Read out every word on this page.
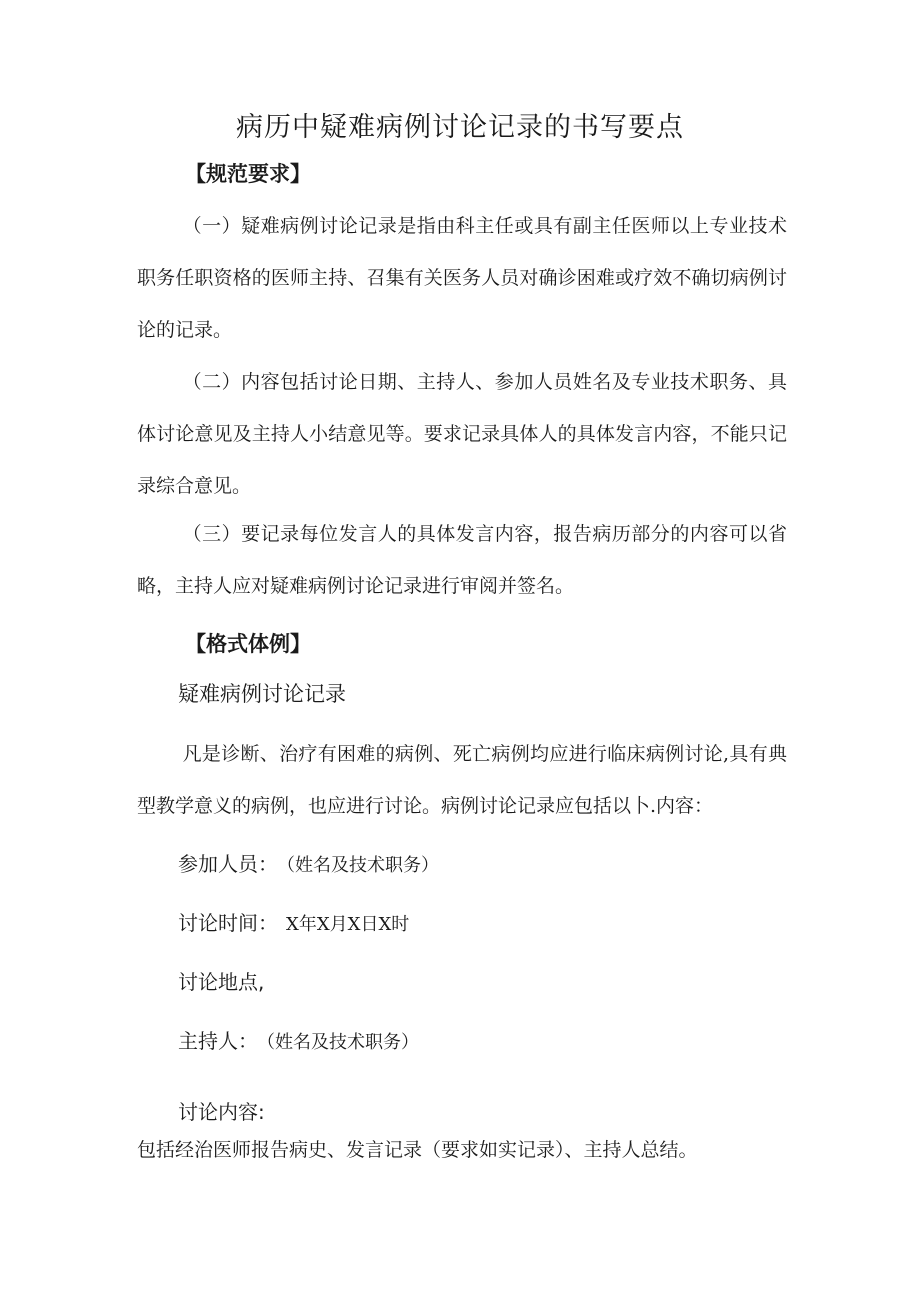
病历中疑难病例讨论记录的书写要点
【规范要求】
（一）疑难病例讨论记录是指由科主任或具有副主任医师以上专业技术职务任职资格的医师主持、召集有关医务人员对确诊困难或疗效不确切病例讨论的记录。
（二）内容包括讨论日期、主持人、参加人员姓名及专业技术职务、具体讨论意见及主持人小结意见等。要求记录具体人的具体发言内容，不能只记录综合意见。
（三）要记录每位发言人的具体发言内容，报告病历部分的内容可以省略，主持人应对疑难病例讨论记录进行审阅并签名。
【格式体例】
疑难病例讨论记录
凡是诊断、治疗有困难的病例、死亡病例均应进行临床病例讨论,具有典型教学意义的病例，也应进行讨论。病例讨论记录应包括以卜.内容：
参加人员： （姓名及技术职务）
讨论时间： X年X月X日X时
讨论地点,
主持人： （姓名及技术职务）
讨论内容:
包括经治医师报告病史、发言记录（要求如实记录）、主持人总结。
